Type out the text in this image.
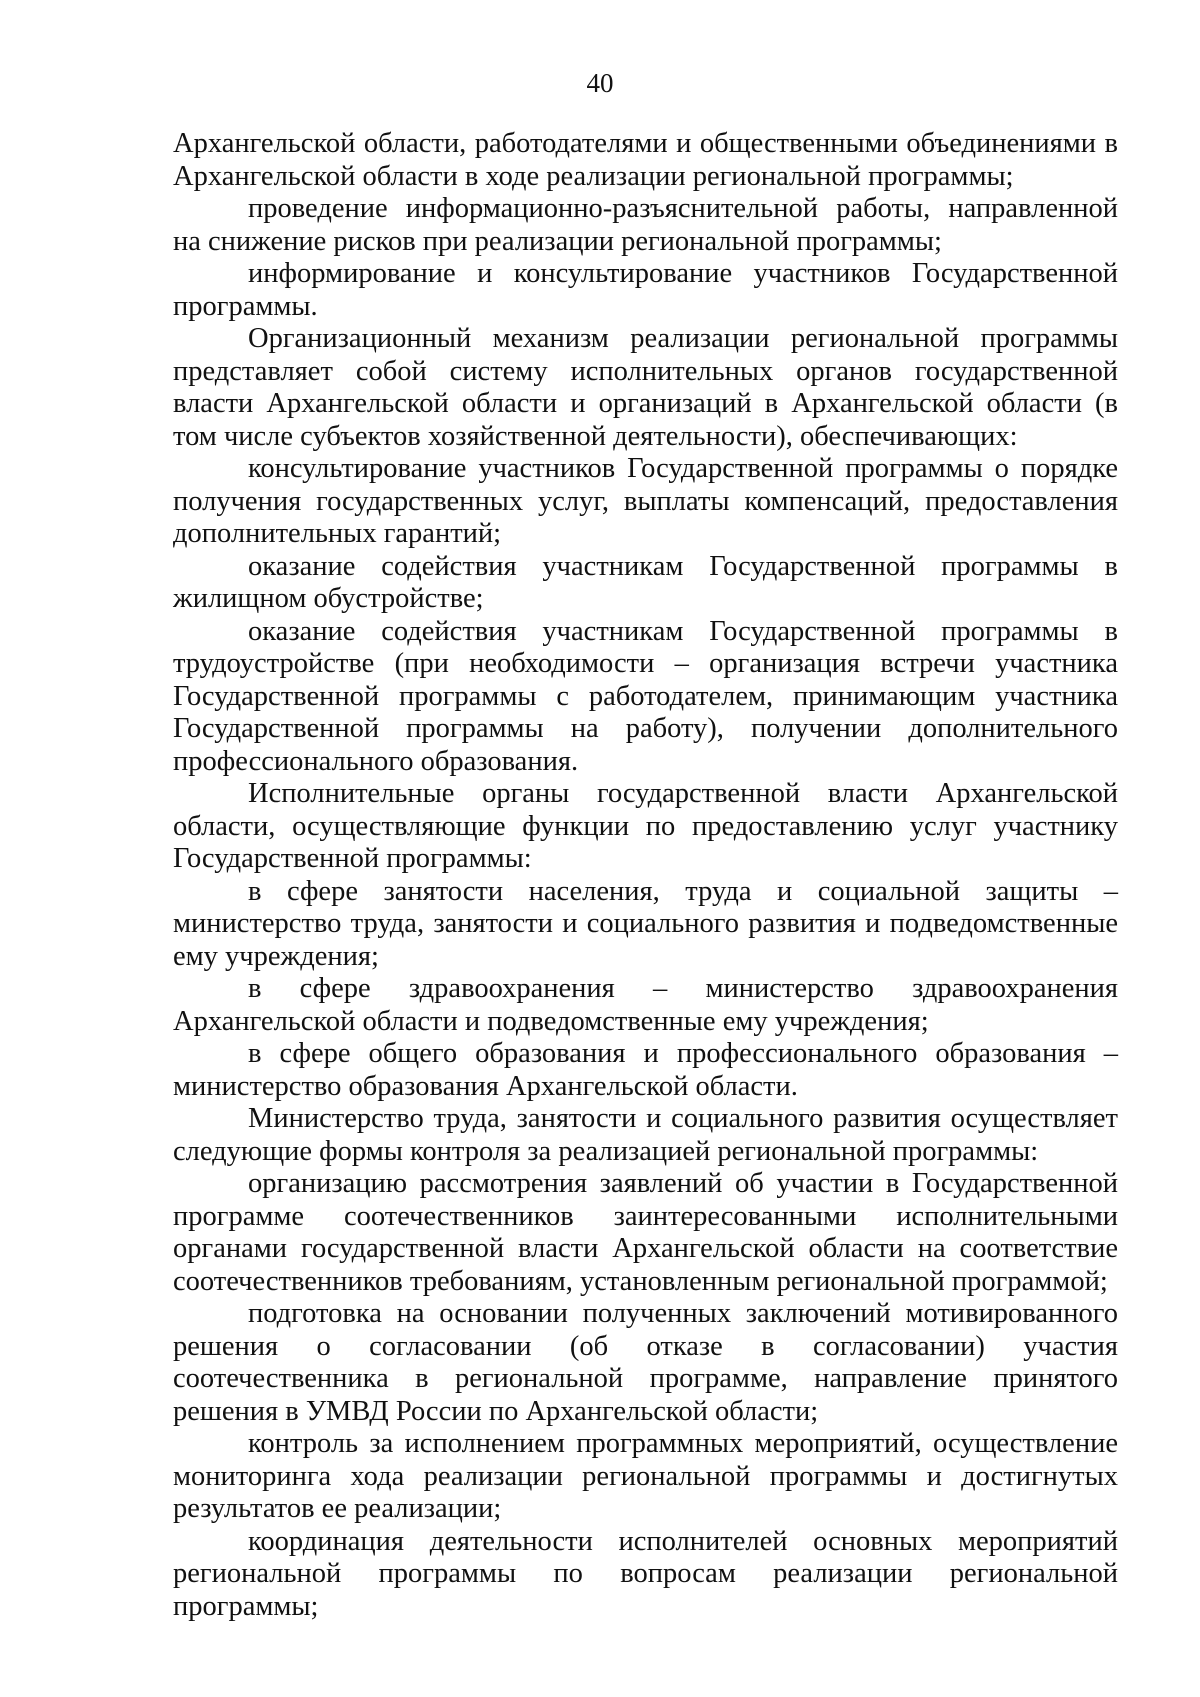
40

Архангельской области, работодателями и общественными объединениями в Архангельской области в ходе реализации региональной программы;

проведение информационно-разъяснительной работы, направленной на снижение рисков при реализации региональной программы;

информирование и консультирование участников Государственной программы.

Организационный механизм реализации региональной программы представляет собой систему исполнительных органов государственной власти Архангельской области и организаций в Архангельской области (в том числе субъектов хозяйственной деятельности), обеспечивающих:

консультирование участников Государственной программы о порядке получения государственных услуг, выплаты компенсаций, предоставления дополнительных гарантий;

оказание содействия участникам Государственной программы в жилищном обустройстве;

оказание содействия участникам Государственной программы в трудоустройстве (при необходимости – организация встречи участника Государственной программы с работодателем, принимающим участника Государственной программы на работу), получении дополнительного профессионального образования.

Исполнительные органы государственной власти Архангельской области, осуществляющие функции по предоставлению услуг участнику Государственной программы:

в сфере занятости населения, труда и социальной защиты – министерство труда, занятости и социального развития и подведомственные ему учреждения;

в сфере здравоохранения – министерство здравоохранения Архангельской области и подведомственные ему учреждения;

в сфере общего образования и профессионального образования – министерство образования Архангельской области.

Министерство труда, занятости и социального развития осуществляет следующие формы контроля за реализацией региональной программы:

организацию рассмотрения заявлений об участии в Государственной программе соотечественников заинтересованными исполнительными органами государственной власти Архангельской области на соответствие соотечественников требованиям, установленным региональной программой;

подготовка на основании полученных заключений мотивированного решения о согласовании (об отказе в согласовании) участия соотечественника в региональной программе, направление принятого решения в УМВД России по Архангельской области;

контроль за исполнением программных мероприятий, осуществление мониторинга хода реализации региональной программы и достигнутых результатов ее реализации;

координация деятельности исполнителей основных мероприятий региональной программы по вопросам реализации региональной программы;
